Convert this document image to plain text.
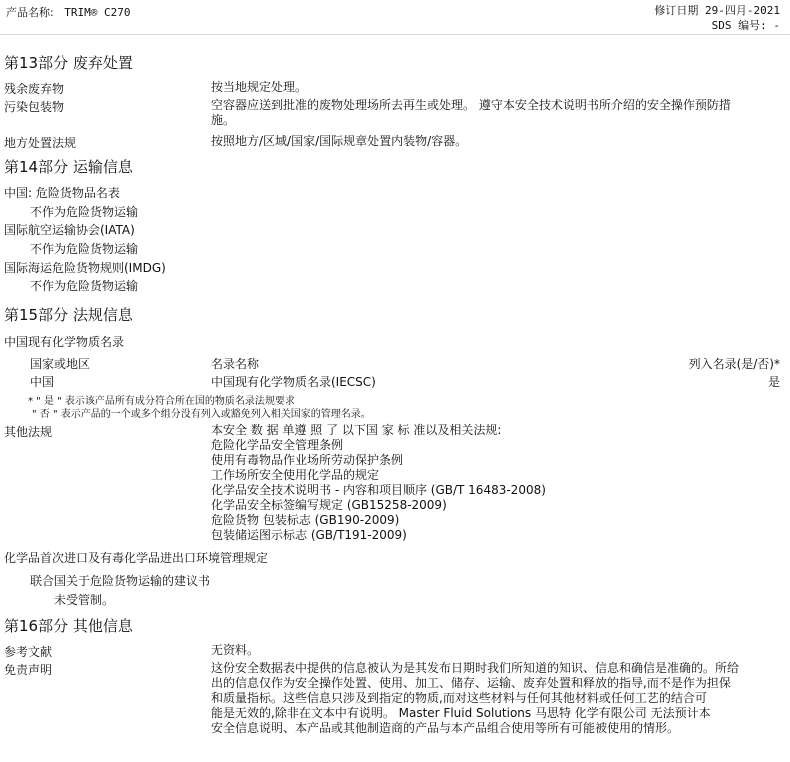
产品名称: TRIM® C270	修订日期 29-四月-2021
SDS 编号: -
第13部分 废弃处置
残余废弃物	按当地规定处理。
污染包装物	空容器应送到批准的废物处理场所去再生或处理。 遵守本安全技术说明书所介绍的安全操作预防措
施。
地方处置法规	按照地方/区域/国家/国际规章处置内装物/容器。
第14部分 运输信息
中国: 危险货物品名表
不作为危险货物运输
国际航空运输协会(IATA)
不作为危险货物运输
国际海运危险货物规则(IMDG)
不作为危险货物运输
第15部分 法规信息
中国现有化学物质名录
国家或地区	名录名称	列入名录(是/否)*
中国	中国现有化学物质名录(IECSC)	是
* " 是 " 表示该产品所有成分符合所在国的物质名录法规要求
" 否 " 表示产品的一个或多个组分没有列入或豁免列入相关国家的管理名录。
其他法规	本安全 数 据 单遵 照 了 以下国 家 标 准以及相关法规:
危险化学品安全管理条例
使用有毒物品作业场所劳动保护条例
工作场所安全使用化学品的规定
化学品安全技术说明书 - 内容和项目顺序 (GB/T 16483-2008)
化学品安全标签编写规定 (GB15258-2009)
危险货物 包装标志 (GB190-2009)
包装储运图示标志 (GB/T191-2009)
化学品首次进口及有毒化学品进出口环境管理规定
联合国关于危险货物运输的建议书
未受管制。
第16部分 其他信息
参考文献	无资料。
免责声明	这份安全数据表中提供的信息被认为是其发布日期时我们所知道的知识、信息和确信是准确的。所给
出的信息仅作为安全操作处置、使用、加工、储存、运输、废弃处置和释放的指导,而不是作为担保
和质量指标。这些信息只涉及到指定的物质,而对这些材料与任何其他材料或任何工艺的结合可
能是无效的,除非在文本中有说明。 Master Fluid Solutions 马思特 化学有限公司 无法预计本
安全信息说明、本产品或其他制造商的产品与本产品组合使用等所有可能被使用的情形。
